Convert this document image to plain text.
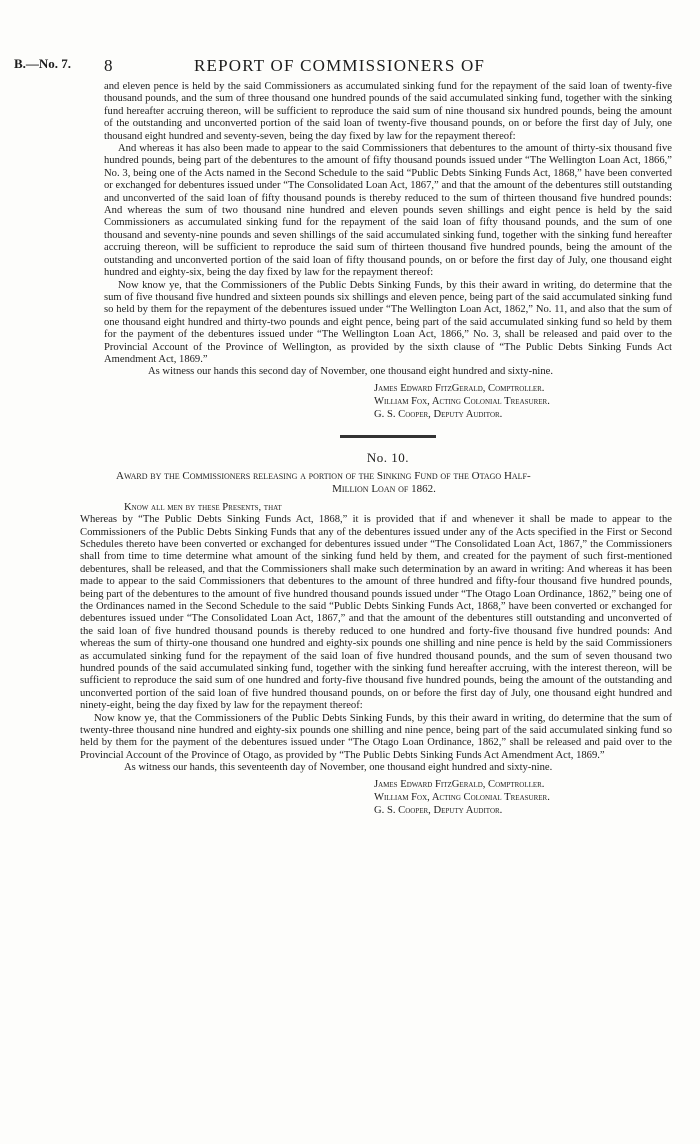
B.—No. 7. 8	REPORT OF COMMISSIONERS OF

and eleven pence is held by the said Commissioners as accumulated sinking fund for the repayment of the said loan of twenty-five thousand pounds, and the sum of three thousand one hundred pounds of the said accumulated sinking fund, together with the sinking fund hereafter accruing thereon, will be sufficient to reproduce the said sum of nine thousand six hundred pounds, being the amount of the outstanding and unconverted portion of the said loan of twenty-five thousand pounds, on or before the first day of July, one thousand eight hundred and seventy-seven, being the day fixed by law for the repayment thereof:

And whereas it has also been made to appear to the said Commissioners that debentures to the amount of thirty-six thousand five hundred pounds, being part of the debentures to the amount of fifty thousand pounds issued under “The Wellington Loan Act, 1866,” No. 3, being one of the Acts named in the Second Schedule to the said “Public Debts Sinking Funds Act, 1868,” have been converted or exchanged for debentures issued under “The Consolidated Loan Act, 1867,” and that the amount of the debentures still outstanding and unconverted of the said loan of fifty thousand pounds is thereby reduced to the sum of thirteen thousand five hundred pounds: And whereas the sum of two thousand nine hundred and eleven pounds seven shillings and eight pence is held by the said Commissioners as accumulated sinking fund for the repayment of the said loan of fifty thousand pounds, and the sum of one thousand and seventy-nine pounds and seven shillings of the said accumulated sinking fund, together with the sinking fund hereafter accruing thereon, will be sufficient to reproduce the said sum of thirteen thousand five hundred pounds, being the amount of the outstanding and unconverted portion of the said loan of fifty thousand pounds, on or before the first day of July, one thousand eight hundred and eighty-six, being the day fixed by law for the repayment thereof:

Now know ye, that the Commissioners of the Public Debts Sinking Funds, by this their award in writing, do determine that the sum of five thousand five hundred and sixteen pounds six shillings and eleven pence, being part of the said accumulated sinking fund so held by them for the repayment of the debentures issued under “The Wellington Loan Act, 1862,” No. 11, and also that the sum of one thousand eight hundred and thirty-two pounds and eight pence, being part of the said accumulated sinking fund so held by them for the payment of the debentures issued under “The Wellington Loan Act, 1866,” No. 3, shall be released and paid over to the Provincial Account of the Province of Wellington, as provided by the sixth clause of “The Public Debts Sinking Funds Act Amendment Act, 1869.”

As witness our hands this second day of November, one thousand eight hundred and sixty-nine.

James Edward FitzGerald, Comptroller.
William Fox, Acting Colonial Treasurer.
G. S. Cooper, Deputy Auditor.
No. 10.
Award by the Commissioners releasing a portion of the Sinking Fund of the Otago Half-
Million Loan of 1862.

Know all men by these Presents, that

Whereas by “The Public Debts Sinking Funds Act, 1868,” it is provided that if and whenever it shall be made to appear to the Commissioners of the Public Debts Sinking Funds that any of the debentures issued under any of the Acts specified in the First or Second Schedules thereto have been converted or exchanged for debentures issued under “The Consolidated Loan Act, 1867,” the Commissioners shall from time to time determine what amount of the sinking fund held by them, and created for the payment of such first-mentioned debentures, shall be released, and that the Commissioners shall make such determination by an award in writing: And whereas it has been made to appear to the said Commissioners that debentures to the amount of three hundred and fifty-four thousand five hundred pounds, being part of the debentures to the amount of five hundred thousand pounds issued under “The Otago Loan Ordinance, 1862,” being one of the Ordinances named in the Second Schedule to the said “Public Debts Sinking Funds Act, 1868,” have been converted or exchanged for debentures issued under “The Consolidated Loan Act, 1867,” and that the amount of the debentures still outstanding and unconverted of the said loan of five hundred thousand pounds is thereby reduced to one hundred and forty-five thousand five hundred pounds: And whereas the sum of thirty-one thousand one hundred and eighty-six pounds one shilling and nine pence is held by the said Commissioners as accumulated sinking fund for the repayment of the said loan of five hundred thousand pounds, and the sum of seven thousand two hundred pounds of the said accumulated sinking fund, together with the sinking fund hereafter accruing, with the interest thereon, will be sufficient to reproduce the said sum of one hundred and forty-five thousand five hundred pounds, being the amount of the outstanding and unconverted portion of the said loan of five hundred thousand pounds, on or before the first day of July, one thousand eight hundred and ninety-eight, being the day fixed by law for the repayment thereof:

Now know ye, that the Commissioners of the Public Debts Sinking Funds, by this their award in writing, do determine that the sum of twenty-three thousand nine hundred and eighty-six pounds one shilling and nine pence, being part of the said accumulated sinking fund so held by them for the payment of the debentures issued under “The Otago Loan Ordinance, 1862,” shall be released and paid over to the Provincial Account of the Province of Otago, as provided by “The Public Debts Sinking Funds Act Amendment Act, 1869.”

As witness our hands, this seventeenth day of November, one thousand eight hundred and sixty-nine.

James Edward FitzGerald, Comptroller.
William Fox, Acting Colonial Treasurer.
G. S. Cooper, Deputy Auditor.
